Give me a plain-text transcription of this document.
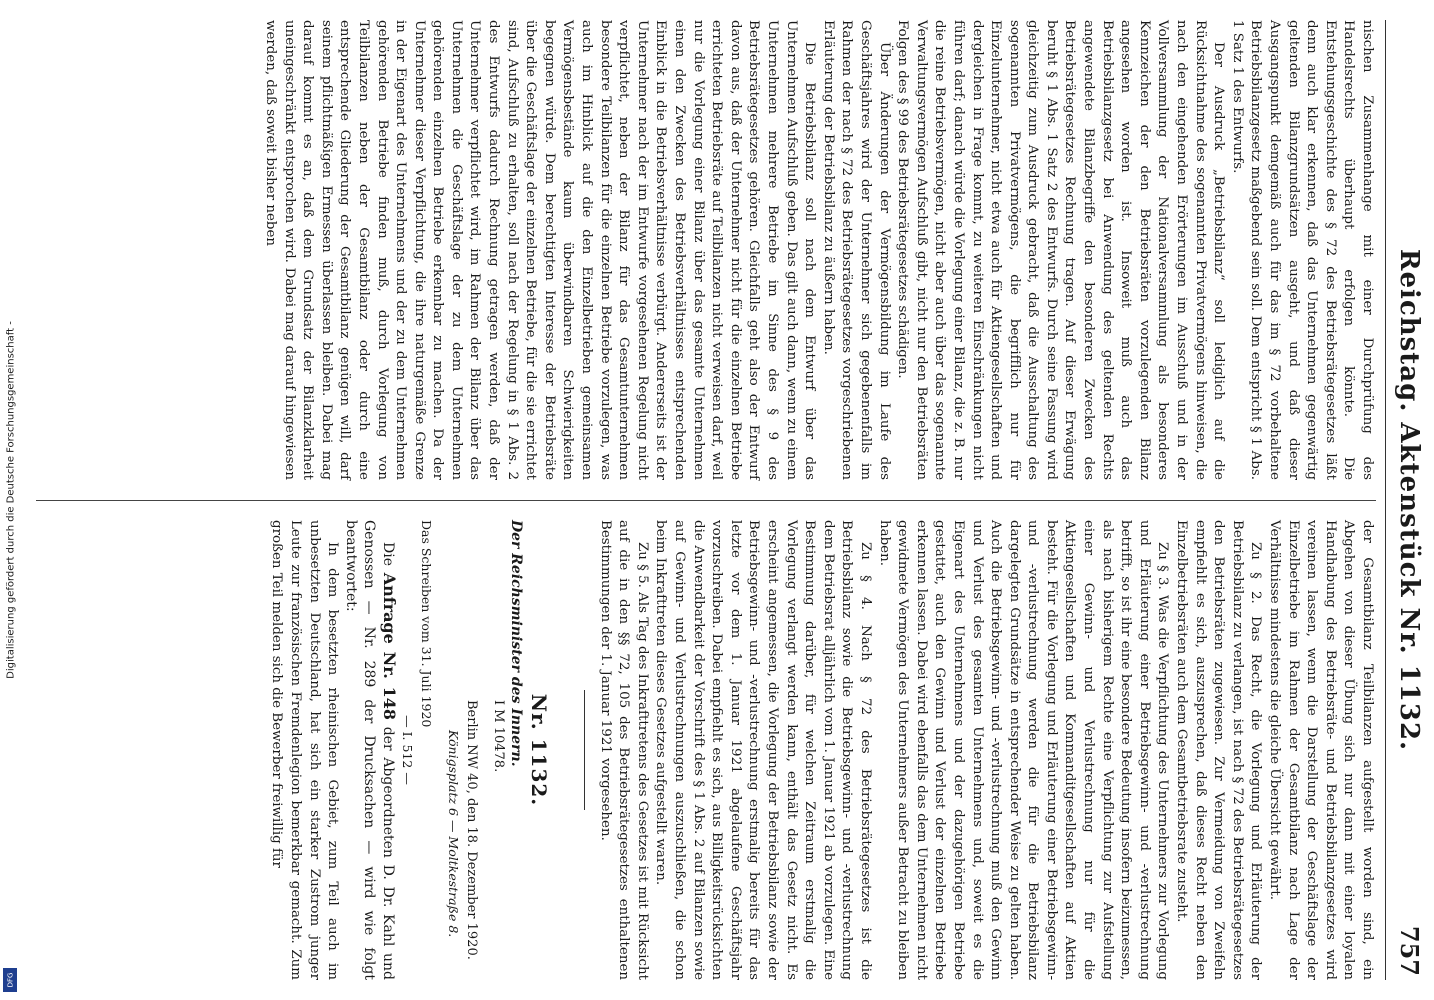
Digitalisierung gefördert durch die Deutsche Forschungsgemeinschaft -
DFG
Reichstag. Aktenstück Nr. 1132.
757

nischen Zusammenhange mit einer Durchprüfung des Handelsrechts überhaupt erfolgen könnte. Die Entstehungsgeschichte des § 72 des Betriebsrätegesetzes läßt denn auch klar erkennen, daß das Unternehmen gegenwärtig geltenden Bilanzgrundsätzen ausgeht, und daß dieser Ausgangspunkt demgemäß auch für das im § 72 vorbehaltene Betriebsbilanzgesetz maßgebend sein soll. Dem entspricht § 1 Abs. 1 Satz 1 des Entwurfs.

Der Ausdruck „Betriebsbilanz“ soll lediglich auf die Rücksichtnahme des sogenannten Privatvermögens hinweisen, die nach den eingehenden Erörterungen im Ausschuß und in der Vollversammlung der Nationalversammlung als besonderes Kennzeichen der den Betriebsräten vorzulegenden Bilanz angesehen worden ist. Insoweit muß auch das Betriebsbilanzgesetz bei Anwendung des geltenden Rechts angewendete Bilanzbegriffe den besonderen Zwecken des Betriebsrätegesetzes Rechnung tragen. Auf dieser Erwägung beruht § 1 Abs. 1 Satz 2 des Entwurfs. Durch seine Fassung wird gleichzeitig zum Ausdruck gebracht, daß die Ausschaltung des sogenannten Privatvermögens, die begrifflich nur für Einzelunternehmer, nicht etwa auch für Aktiengesellschaften und dergleichen in Frage kommt, zu weiteren Einschränkungen nicht führen darf; danach würde die Vorlegung einer Bilanz, die z. B. nur die reine Betriebsvermögen, nicht aber auch über das sogenannte Verwaltungsvermögen Aufschluß gibt, nicht nur den Betriebsräten Folgen des § 99 des Betriebsrätegesetzes schädigen.

Über Änderungen der Vermögensbildung im Laufe des Geschäftsjahres wird der Unternehmer sich gegebenenfalls im Rahmen der nach § 72 des Betriebsrätegesetzes vorgeschriebenen Erläuterung der Betriebsbilanz zu äußern haben.

Die Betriebsbilanz soll nach dem Entwurf über das Unternehmen Aufschluß geben. Das gilt auch dann, wenn zu einem Unternehmen mehrere Betriebe im Sinne des § 9 des Betriebsrätegesetzes gehören. Gleichfalls geht also der Entwurf davon aus, daß der Unternehmer nicht für die einzelnen Betriebe errichteten Betriebsräte auf Teilbilanzen nicht verweisen darf, weil nur die Vorlegung einer Bilanz über das gesamte Unternehmen einen den Zwecken des Betriebsverhältnisses entsprechenden Einblick in die Betriebsverhältnisse verbürgt. Andererseits ist der Unternehmer nach der im Entwurfe vorgesehenen Regelung nicht verpflichtet, neben der Bilanz für das Gesamtunternehmen besondere Teilbilanzen für die einzelnen Betriebe vorzulegen, was auch im Hinblick auf die den Einzelbetrieben gemeinsamen Vermögensbestände kaum überwindbaren Schwierigkeiten begegnen würde. Dem berechtigten Interesse der Betriebsräte über die Geschäftslage der einzelnen Betriebe, für die sie errichtet sind, Aufschluß zu erhalten, soll nach der Regelung in § 1 Abs. 2 des Entwurfs dadurch Rechnung getragen werden, daß der Unternehmer verpflichtet wird, im Rahmen der Bilanz über das Unternehmen die Geschäftslage der zu dem Unternehmen gehörenden einzelnen Betriebe erkennbar zu machen. Da der Unternehmer dieser Verpflichtung, die ihre naturgemäße Grenze in der Eigenart des Unternehmens und der zu dem Unternehmen gehörenden Betriebe finden muß, durch Vorlegung von Teilbilanzen neben der Gesamtbilanz oder durch eine entsprechende Gliederung der Gesamtbilanz genügen will, darf seinem pflichtmäßigen Ermessen überlassen bleiben. Dabei mag darauf kommt es an, daß dem Grundsatz der Bilanzklarheit uneingeschränkt entsprochen wird. Dabei mag darauf hingewiesen werden, daß soweit bisher neben

der Gesamtbilanz Teilbilanzen aufgestellt worden sind, ein Abgehen von dieser Übung sich nur dann mit einer loyalen Handhabung des Betriebsräte- und Betriebsbilanzgesetzes wird vereinen lassen, wenn die Darstellung der Geschäftslage der Einzelbetriebe im Rahmen der Gesamtbilanz nach Lage der Verhältnisse mindestens die gleiche Übersicht gewährt.

Zu § 2. Das Recht, die Vorlegung und Erläuterung der Betriebsbilanz zu verlangen, ist nach § 72 des Betriebsrätegesetzes den Betriebsräten zugewiesen. Zur Vermeidung von Zweifeln empfiehlt es sich, auszusprechen, daß dieses Recht neben den Einzelbetriebsräten auch dem Gesamtbetriebsrate zusteht.

Zu § 3. Was die Verpflichtung des Unternehmers zur Vorlegung und Erläuterung einer Betriebsgewinn- und -verlustrechnung betrifft, so ist ihr eine besondere Bedeutung insofern beizumessen, als nach bisherigem Rechte eine Verpflichtung zur Aufstellung einer Gewinn- und Verlustrechnung nur für die Aktiengesellschaften und Kommanditgesellschaften auf Aktien besteht. Für die Vorlegung und Erläuterung einer Betriebsgewinn- und -verlustrechnung werden die für die Betriebsbilanz dargelegten Grundsätze in entsprechender Weise zu gelten haben. Auch die Betriebsgewinn- und -verlustrechnung muß den Gewinn und Verlust des gesamten Unternehmens und, soweit es die Eigenart des Unternehmens und der dazugehörigen Betriebe gestattet, auch den Gewinn und Verlust der einzelnen Betriebe erkennen lassen. Dabei wird ebenfalls das dem Unternehmen nicht gewidmete Vermögen des Unternehmers außer Betracht zu bleiben haben.

Zu § 4. Nach § 72 des Betriebsrätegesetzes ist die Betriebsbilanz sowie die Betriebsgewinn- und -verlustrechnung dem Betriebsrat alljährlich vom 1. Januar 1921 ab vorzulegen. Eine Bestimmung darüber, für welchen Zeitraum erstmalig die Vorlegung verlangt werden kann, enthält das Gesetz nicht. Es erscheint angemessen, die Vorlegung der Betriebsbilanz sowie der Betriebsgewinn- und -verlustrechnung erstmalig bereits für das letzte vor dem 1. Januar 1921 abgelaufene Geschäftsjahr vorzuschreiben. Dabei empfiehlt es sich, aus Billigkeitsrücksichten die Anwendbarkeit der Vorschrift des § 1 Abs. 2 auf Bilanzen sowie auf Gewinn- und Verlustrechnungen auszuschließen, die schon beim Inkrafttreten dieses Gesetzes aufgestellt waren.

Zu § 5. Als Tag des Inkrafttretens des Gesetzes ist mit Rücksicht auf die in den §§ 72, 105 des Betriebsrätegesetzes enthaltenen Bestimmungen der 1. Januar 1921 vorgesehen.

Nr. 1132.
Der Reichsminister des Innern.
I M 10478.
Berlin NW 40, den 18. Dezember 1920.
Königsplatz 6 — Moltkestraße 8.
Das Schreiben vom 31. Juli 1920
— I. 512 —

Die Anfrage Nr. 148 der Abgeordneten D. Dr. Kahl und Genossen — Nr. 289 der Drucksachen — wird wie folgt beantwortet:

In dem besetzten rheinischen Gebiet, zum Teil auch im unbesetzten Deutschland, hat sich ein starker Zustrom junger Leute zur französischen Fremdenlegion bemerkbar gemacht. Zum großen Teil melden sich die Bewerber freiwillig für
